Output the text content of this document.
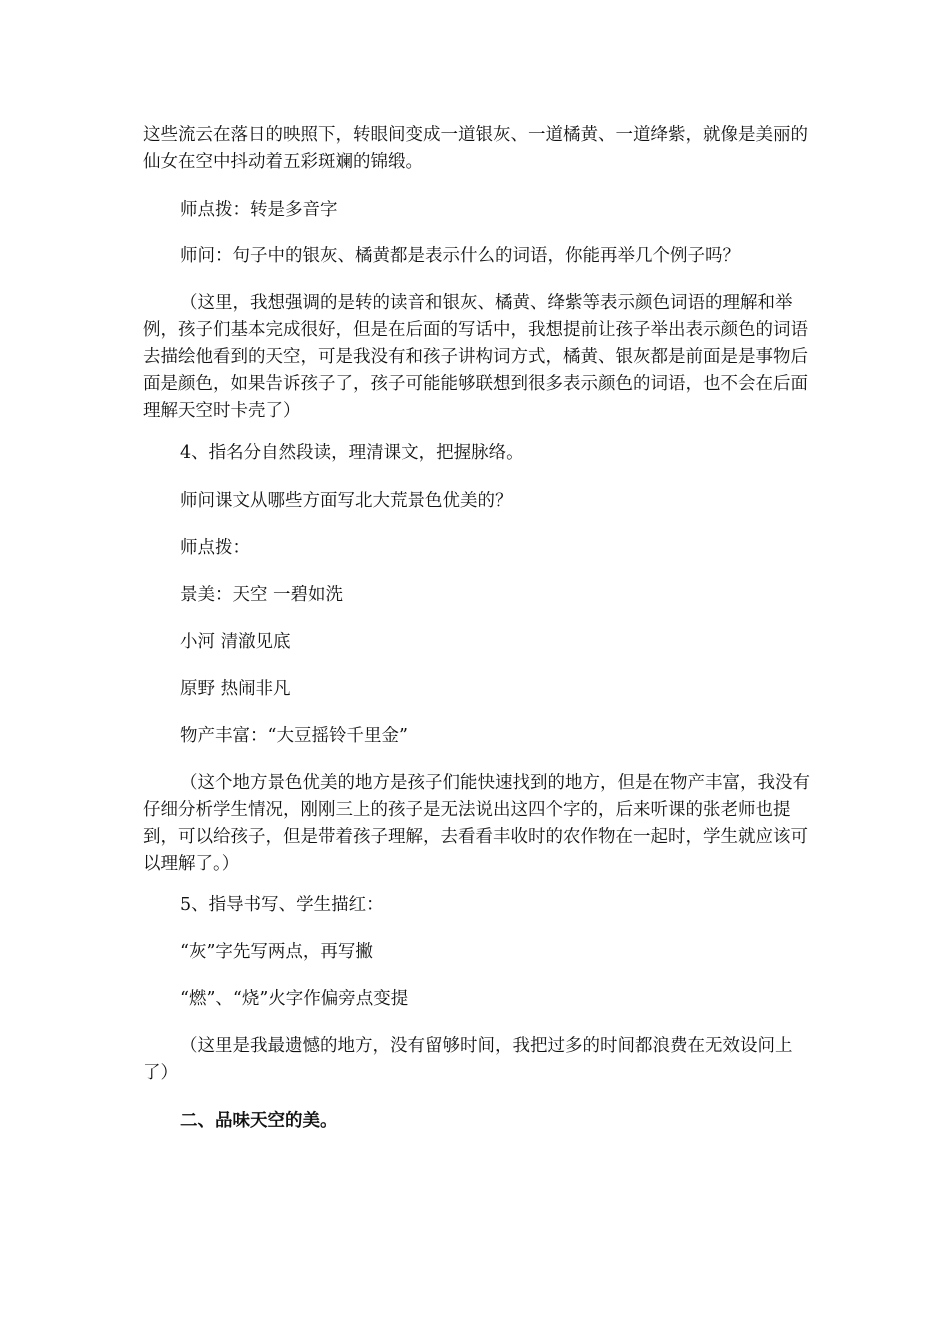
这些流云在落日的映照下，转眼间变成一道银灰、一道橘黄、一道绛紫，就像是美丽的仙女在空中抖动着五彩斑斓的锦缎。

师点拨：转是多音字

师问：句子中的银灰、橘黄都是表示什么的词语，你能再举几个例子吗？

（这里，我想强调的是转的读音和银灰、橘黄、绛紫等表示颜色词语的理解和举例，孩子们基本完成很好，但是在后面的写话中，我想提前让孩子举出表示颜色的词语去描绘他看到的天空，可是我没有和孩子讲构词方式，橘黄、银灰都是前面是是事物后面是颜色，如果告诉孩子了，孩子可能能够联想到很多表示颜色的词语，也不会在后面理解天空时卡壳了）

4、指名分自然段读，理清课文，把握脉络。

师问课文从哪些方面写北大荒景色优美的？

师点拨：

景美：天空 一碧如洗

小河 清澈见底

原野 热闹非凡

物产丰富：“大豆摇铃千里金”

（这个地方景色优美的地方是孩子们能快速找到的地方，但是在物产丰富，我没有仔细分析学生情况，刚刚三上的孩子是无法说出这四个字的，后来听课的张老师也提到，可以给孩子，但是带着孩子理解，去看看丰收时的农作物在一起时，学生就应该可以理解了。）

5、指导书写、学生描红：

“灰”字先写两点，再写撇

“燃”、“烧”火字作偏旁点变提

（这里是我最遗憾的地方，没有留够时间，我把过多的时间都浪费在无效设问上了）

二、品味天空的美。
